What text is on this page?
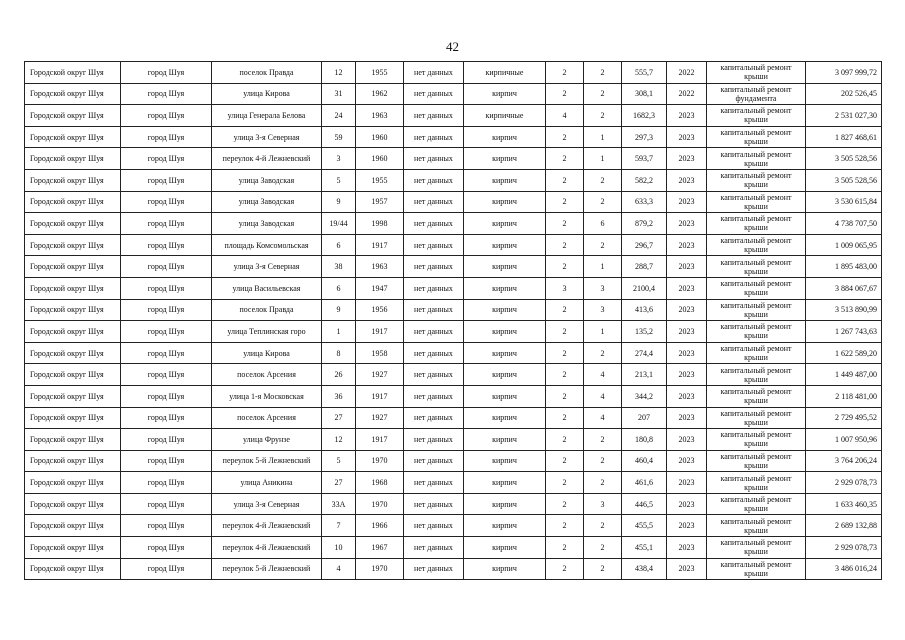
42
Городской округ Шуя	город Шуя	поселок Правда	12	1955	нет данных	кирпичные	2	2	555,7	2022	капитальный ремонт крыши	3 097 999,72
Городской округ Шуя	город Шуя	улица Кирова	31	1962	нет данных	кирпич	2	2	308,1	2022	капитальный ремонт фундамента	202 526,45
Городской округ Шуя	город Шуя	улица Генерала Белова	24	1963	нет данных	кирпичные	4	2	1682,3	2023	капитальный ремонт крыши	2 531 027,30
Городской округ Шуя	город Шуя	улица 3-я Северная	59	1960	нет данных	кирпич	2	1	297,3	2023	капитальный ремонт крыши	1 827 468,61
Городской округ Шуя	город Шуя	переулок 4-й Лежневский	3	1960	нет данных	кирпич	2	1	593,7	2023	капитальный ремонт крыши	3 505 528,56
Городской округ Шуя	город Шуя	улица Заводская	5	1955	нет данных	кирпич	2	2	582,2	2023	капитальный ремонт крыши	3 505 528,56
Городской округ Шуя	город Шуя	улица Заводская	9	1957	нет данных	кирпич	2	2	633,3	2023	капитальный ремонт крыши	3 530 615,84
Городской округ Шуя	город Шуя	улица Заводская	19/44	1998	нет данных	кирпич	2	6	879,2	2023	капитальный ремонт крыши	4 738 707,50
Городской округ Шуя	город Шуя	площадь Комсомольская	6	1917	нет данных	кирпич	2	2	296,7	2023	капитальный ремонт крыши	1 009 065,95
Городской округ Шуя	город Шуя	улица 3-я Северная	38	1963	нет данных	кирпич	2	1	288,7	2023	капитальный ремонт крыши	1 895 483,00
Городской округ Шуя	город Шуя	улица Васильевская	6	1947	нет данных	кирпич	3	3	2100,4	2023	капитальный ремонт крыши	3 884 067,67
Городской округ Шуя	город Шуя	поселок Правда	9	1956	нет данных	кирпич	2	3	413,6	2023	капитальный ремонт крыши	3 513 890,99
Городской округ Шуя	город Шуя	улица Теплинская горо	1	1917	нет данных	кирпич	2	1	135,2	2023	капитальный ремонт крыши	1 267 743,63
Городской округ Шуя	город Шуя	улица Кирова	8	1958	нет данных	кирпич	2	2	274,4	2023	капитальный ремонт крыши	1 622 589,20
Городской округ Шуя	город Шуя	поселок Арсения	26	1927	нет данных	кирпич	2	4	213,1	2023	капитальный ремонт крыши	1 449 487,00
Городской округ Шуя	город Шуя	улица 1-я Московская	36	1917	нет данных	кирпич	2	4	344,2	2023	капитальный ремонт крыши	2 118 481,00
Городской округ Шуя	город Шуя	поселок Арсения	27	1927	нет данных	кирпич	2	4	207	2023	капитальный ремонт крыши	2 729 495,52
Городской округ Шуя	город Шуя	улица Фрунзе	12	1917	нет данных	кирпич	2	2	180,8	2023	капитальный ремонт крыши	1 007 950,96
Городской округ Шуя	город Шуя	переулок 5-й Лежневский	5	1970	нет данных	кирпич	2	2	460,4	2023	капитальный ремонт крыши	3 764 206,24
Городской округ Шуя	город Шуя	улица Аникина	27	1968	нет данных	кирпич	2	2	461,6	2023	капитальный ремонт крыши	2 929 078,73
Городской округ Шуя	город Шуя	улица 3-я Северная	33А	1970	нет данных	кирпич	2	3	446,5	2023	капитальный ремонт крыши	1 633 460,35
Городской округ Шуя	город Шуя	переулок 4-й Лежневский	7	1966	нет данных	кирпич	2	2	455,5	2023	капитальный ремонт крыши	2 689 132,88
Городской округ Шуя	город Шуя	переулок 4-й Лежневский	10	1967	нет данных	кирпич	2	2	455,1	2023	капитальный ремонт крыши	2 929 078,73
Городской округ Шуя	город Шуя	переулок 5-й Лежневский	4	1970	нет данных	кирпич	2	2	438,4	2023	капитальный ремонт крыши	3 486 016,24
